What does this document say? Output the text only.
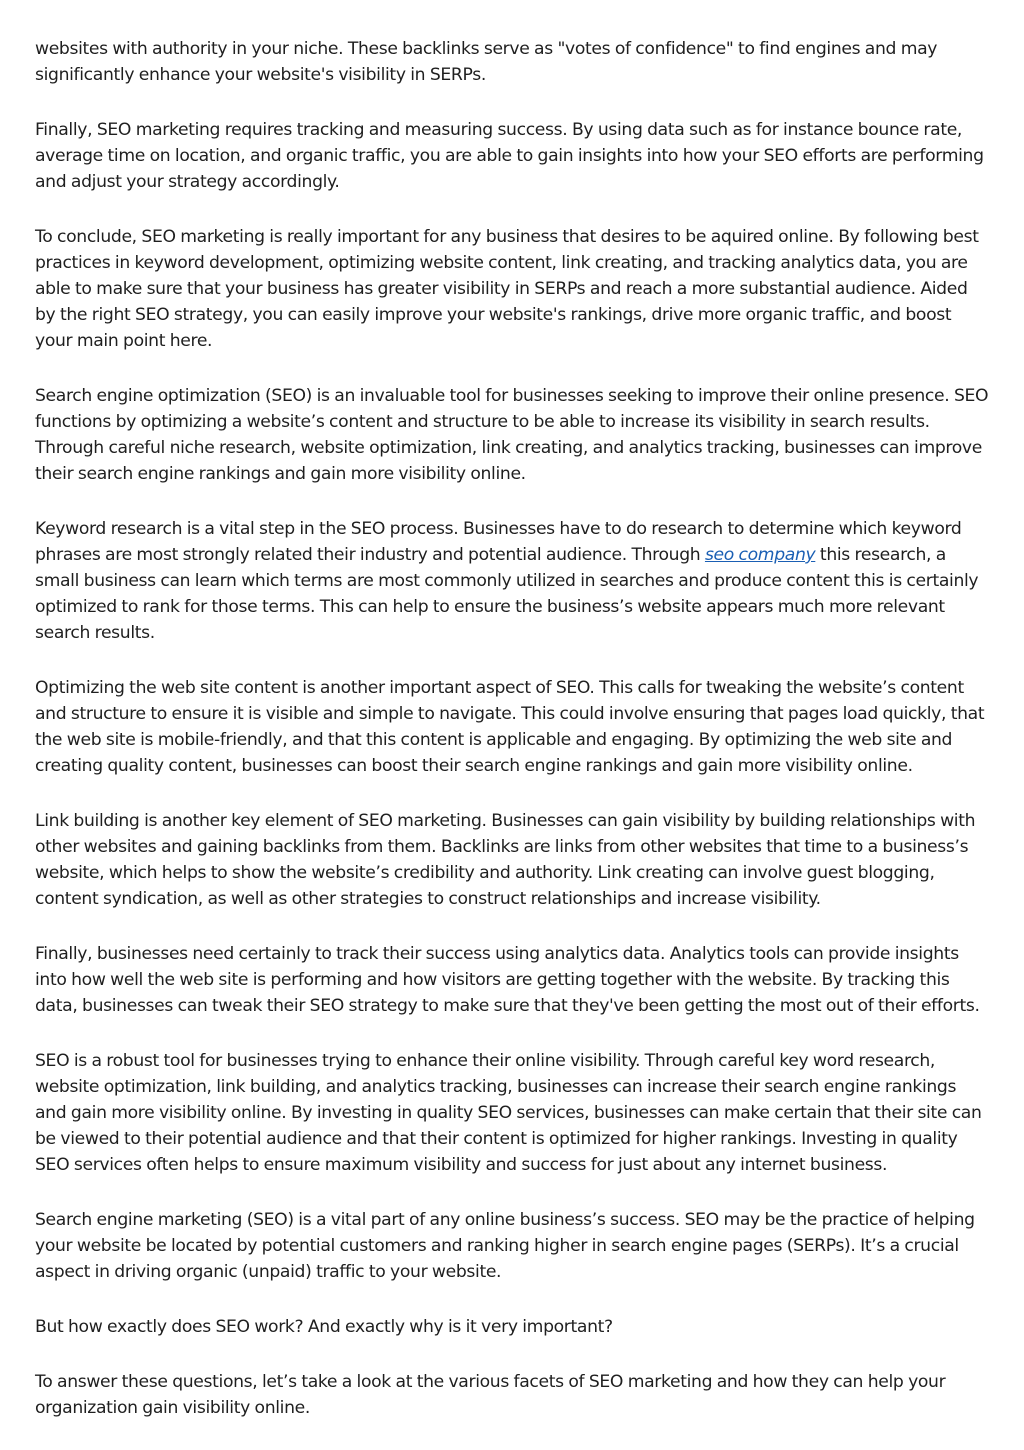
websites with authority in your niche. These backlinks serve as "votes of confidence" to find engines and may significantly enhance your website's visibility in SERPs.

Finally, SEO marketing requires tracking and measuring success. By using data such as for instance bounce rate, average time on location, and organic traffic, you are able to gain insights into how your SEO efforts are performing and adjust your strategy accordingly.

To conclude, SEO marketing is really important for any business that desires to be aquired online. By following best practices in keyword development, optimizing website content, link creating, and tracking analytics data, you are able to make sure that your business has greater visibility in SERPs and reach a more substantial audience. Aided by the right SEO strategy, you can easily improve your website's rankings, drive more organic traffic, and boost your main point here.

Search engine optimization (SEO) is an invaluable tool for businesses seeking to improve their online presence. SEO functions by optimizing a website’s content and structure to be able to increase its visibility in search results. Through careful niche research, website optimization, link creating, and analytics tracking, businesses can improve their search engine rankings and gain more visibility online.

Keyword research is a vital step in the SEO process. Businesses have to do research to determine which keyword phrases are most strongly related their industry and potential audience. Through seo company this research, a small business can learn which terms are most commonly utilized in searches and produce content this is certainly optimized to rank for those terms. This can help to ensure the business’s website appears much more relevant search results.

Optimizing the web site content is another important aspect of SEO. This calls for tweaking the website’s content and structure to ensure it is visible and simple to navigate. This could involve ensuring that pages load quickly, that the web site is mobile-friendly, and that this content is applicable and engaging. By optimizing the web site and creating quality content, businesses can boost their search engine rankings and gain more visibility online.

Link building is another key element of SEO marketing. Businesses can gain visibility by building relationships with other websites and gaining backlinks from them. Backlinks are links from other websites that time to a business’s website, which helps to show the website’s credibility and authority. Link creating can involve guest blogging, content syndication, as well as other strategies to construct relationships and increase visibility.

Finally, businesses need certainly to track their success using analytics data. Analytics tools can provide insights into how well the web site is performing and how visitors are getting together with the website. By tracking this data, businesses can tweak their SEO strategy to make sure that they've been getting the most out of their efforts.

SEO is a robust tool for businesses trying to enhance their online visibility. Through careful key word research, website optimization, link building, and analytics tracking, businesses can increase their search engine rankings and gain more visibility online. By investing in quality SEO services, businesses can make certain that their site can be viewed to their potential audience and that their content is optimized for higher rankings. Investing in quality SEO services often helps to ensure maximum visibility and success for just about any internet business.

Search engine marketing (SEO) is a vital part of any online business’s success. SEO may be the practice of helping your website be located by potential customers and ranking higher in search engine pages (SERPs). It’s a crucial aspect in driving organic (unpaid) traffic to your website.

But how exactly does SEO work? And exactly why is it very important?

To answer these questions, let’s take a look at the various facets of SEO marketing and how they can help your organization gain visibility online.
